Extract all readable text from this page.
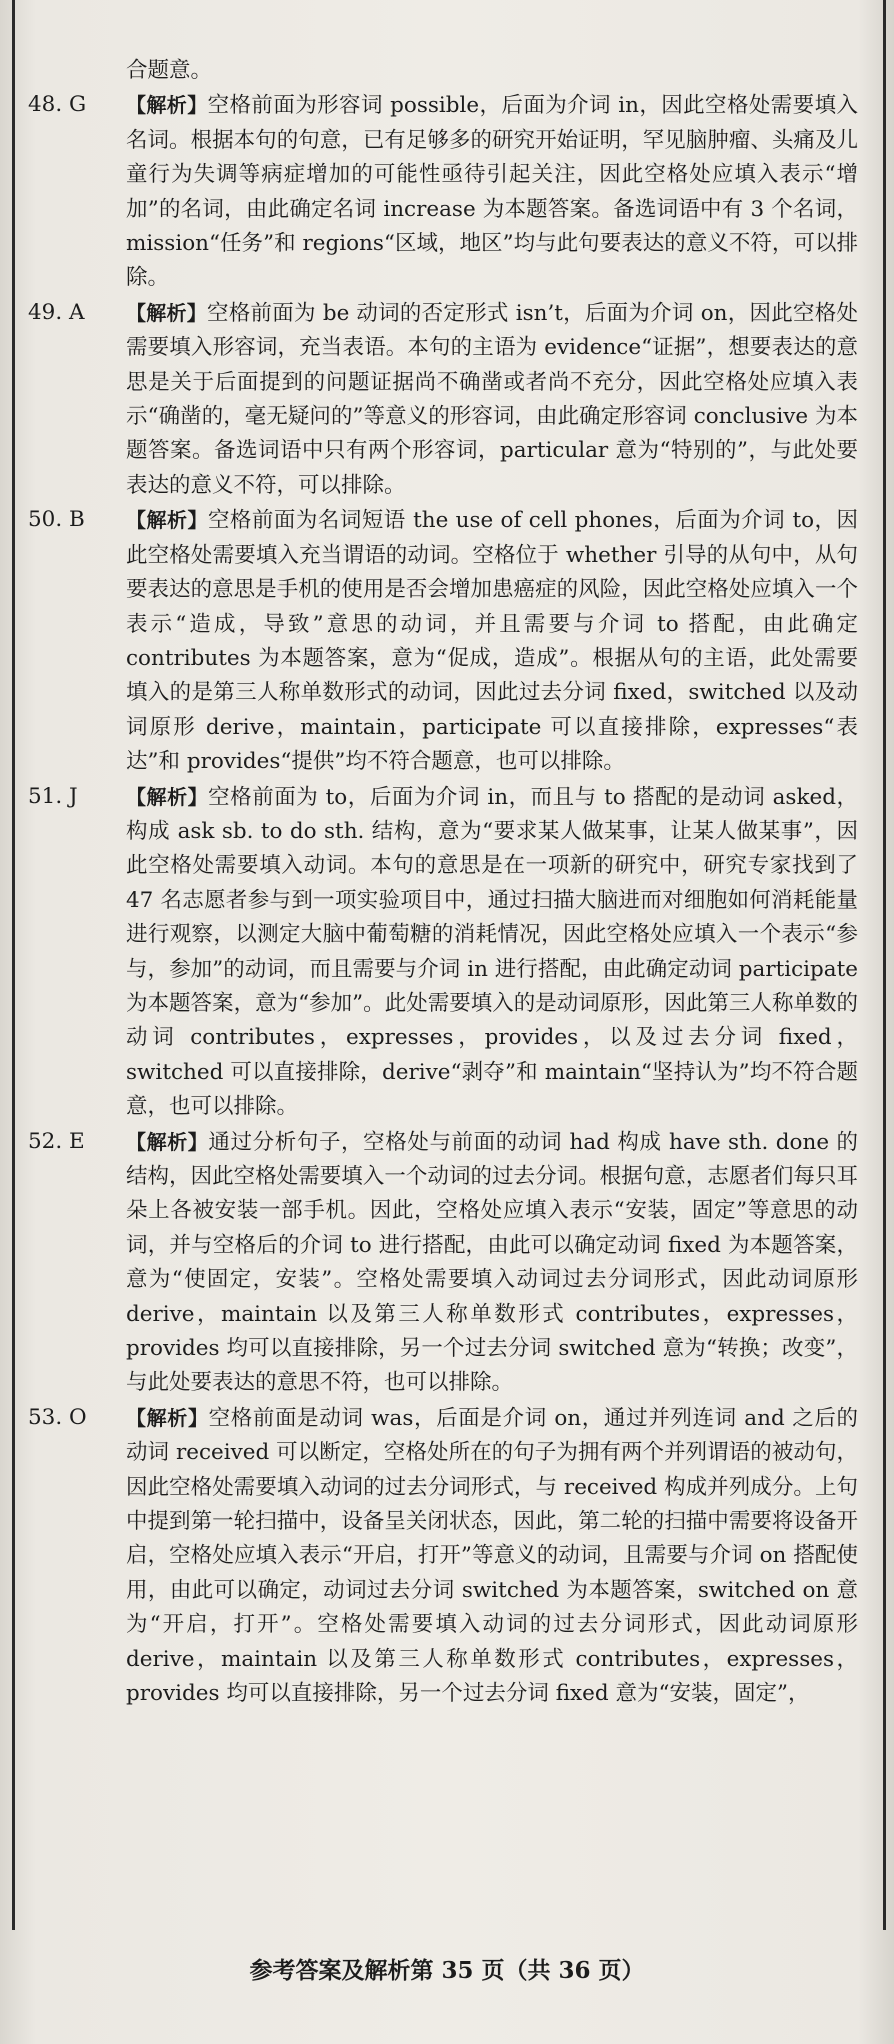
合题意。
48. G	【解析】空格前面为形容词 possible，后面为介词 in，因此空格处需要填入名词。根据本句的句意，已有足够多的研究开始证明，罕见脑肿瘤、头痛及儿童行为失调等病症增加的可能性亟待引起关注，因此空格处应填入表示“增加”的名词，由此确定名词 increase 为本题答案。备选词语中有 3 个名词，mission“任务”和 regions“区域，地区”均与此句要表达的意义不符，可以排除。
49. A	【解析】空格前面为 be 动词的否定形式 isn’t，后面为介词 on，因此空格处需要填入形容词，充当表语。本句的主语为 evidence“证据”，想要表达的意思是关于后面提到的问题证据尚不确凿或者尚不充分，因此空格处应填入表示“确凿的，毫无疑问的”等意义的形容词，由此确定形容词 conclusive 为本题答案。备选词语中只有两个形容词，particular 意为“特别的”，与此处要表达的意义不符，可以排除。
50. B	【解析】空格前面为名词短语 the use of cell phones，后面为介词 to，因此空格处需要填入充当谓语的动词。空格位于 whether 引导的从句中，从句要表达的意思是手机的使用是否会增加患癌症的风险，因此空格处应填入一个表示“造成，导致”意思的动词，并且需要与介词 to 搭配，由此确定 contributes 为本题答案，意为“促成，造成”。根据从句的主语，此处需要填入的是第三人称单数形式的动词，因此过去分词 fixed，switched 以及动词原形 derive，maintain，participate 可以直接排除，expresses“表达”和 provides“提供”均不符合题意，也可以排除。
51. J	【解析】空格前面为 to，后面为介词 in，而且与 to 搭配的是动词 asked，构成 ask sb. to do sth. 结构，意为“要求某人做某事，让某人做某事”，因此空格处需要填入动词。本句的意思是在一项新的研究中，研究专家找到了 47 名志愿者参与到一项实验项目中，通过扫描大脑进而对细胞如何消耗能量进行观察，以测定大脑中葡萄糖的消耗情况，因此空格处应填入一个表示“参与，参加”的动词，而且需要与介词 in 进行搭配，由此确定动词 participate 为本题答案，意为“参加”。此处需要填入的是动词原形，因此第三人称单数的动词 contributes，expresses，provides，以及过去分词 fixed，switched 可以直接排除，derive“剥夺”和 maintain“坚持认为”均不符合题意，也可以排除。
52. E	【解析】通过分析句子，空格处与前面的动词 had 构成 have sth. done 的结构，因此空格处需要填入一个动词的过去分词。根据句意，志愿者们每只耳朵上各被安装一部手机。因此，空格处应填入表示“安装，固定”等意思的动词，并与空格后的介词 to 进行搭配，由此可以确定动词 fixed 为本题答案，意为“使固定，安装”。空格处需要填入动词过去分词形式，因此动词原形 derive，maintain 以及第三人称单数形式 contributes，expresses，provides 均可以直接排除，另一个过去分词 switched 意为“转换；改变”，与此处要表达的意思不符，也可以排除。
53. O	【解析】空格前面是动词 was，后面是介词 on，通过并列连词 and 之后的动词 received 可以断定，空格处所在的句子为拥有两个并列谓语的被动句，因此空格处需要填入动词的过去分词形式，与 received 构成并列成分。上句中提到第一轮扫描中，设备呈关闭状态，因此，第二轮的扫描中需要将设备开启，空格处应填入表示“开启，打开”等意义的动词，且需要与介词 on 搭配使用，由此可以确定，动词过去分词 switched 为本题答案，switched on 意为“开启，打开”。空格处需要填入动词的过去分词形式，因此动词原形 derive，maintain 以及第三人称单数形式 contributes，expresses，provides 均可以直接排除，另一个过去分词 fixed 意为“安装，固定”，
参考答案及解析第 35 页（共 36 页）
